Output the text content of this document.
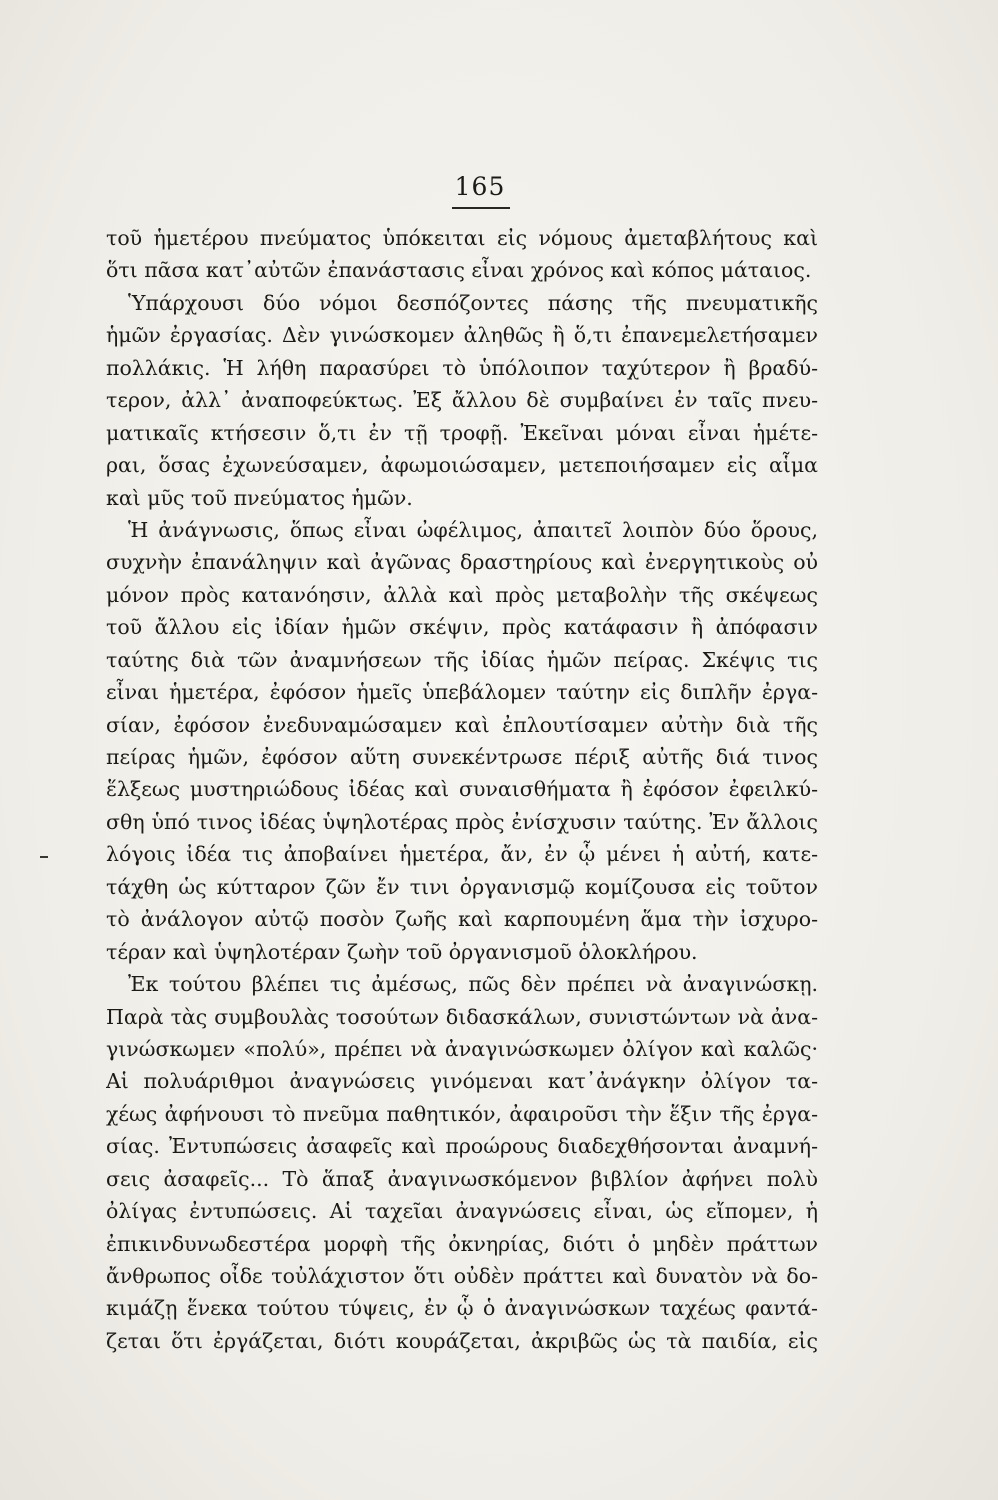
165
τοῦ ἡμετέρου πνεύματος ὑπόκειται εἰς νόμους ἀμεταβλήτους καὶ
ὅτι πᾶσα κατ᾽αὐτῶν ἐπανάστασις εἶναι χρόνος καὶ κόπος μάταιος.
Ὑπάρχουσι δύο νόμοι δεσπόζοντες πάσης τῆς πνευματικῆς
ἡμῶν ἐργασίας. Δὲν γινώσκομεν ἀληθῶς ἢ ὅ,τι ἐπανεμελετήσαμεν
πολλάκις. Ἡ λήθη παρασύρει τὸ ὑπόλοιπον ταχύτερον ἢ βραδύ-
τερον, ἀλλ᾽ ἀναποφεύκτως. Ἐξ ἄλλου δὲ συμβαίνει ἐν ταῖς πνευ-
ματικαῖς κτήσεσιν ὅ,τι ἐν τῇ τροφῇ. Ἐκεῖναι μόναι εἶναι ἡμέτε-
ραι, ὅσας ἐχωνεύσαμεν, ἀφωμοιώσαμεν, μετεποιήσαμεν εἰς αἷμα
καὶ μῦς τοῦ πνεύματος ἡμῶν.
Ἡ ἀνάγνωσις, ὅπως εἶναι ὠφέλιμος, ἀπαιτεῖ λοιπὸν δύο ὅρους,
συχνὴν ἐπανάληψιν καὶ ἀγῶνας δραστηρίους καὶ ἐνεργητικοὺς οὐ
μόνον πρὸς κατανόησιν, ἀλλὰ καὶ πρὸς μεταβολὴν τῆς σκέψεως
τοῦ ἄλλου εἰς ἰδίαν ἡμῶν σκέψιν, πρὸς κατάφασιν ἢ ἀπόφασιν
ταύτης διὰ τῶν ἀναμνήσεων τῆς ἰδίας ἡμῶν πείρας. Σκέψις τις
εἶναι ἡμετέρα, ἐφόσον ἡμεῖς ὑπεβάλομεν ταύτην εἰς διπλῆν ἐργα-
σίαν, ἐφόσον ἐνεδυναμώσαμεν καὶ ἐπλουτίσαμεν αὐτὴν διὰ τῆς
πείρας ἡμῶν, ἐφόσον αὕτη συνεκέντρωσε πέριξ αὐτῆς διά τινος
ἕλξεως μυστηριώδους ἰδέας καὶ συναισθήματα ἢ ἐφόσον ἐφειλκύ-
σθη ὑπό τινος ἰδέας ὑψηλοτέρας πρὸς ἐνίσχυσιν ταύτης. Ἐν ἄλλοις
λόγοις ἰδέα τις ἀποβαίνει ἡμετέρα, ἄν, ἐν ᾧ μένει ἡ αὐτή, κατε-
τάχθη ὡς κύτταρον ζῶν ἔν τινι ὀργανισμῷ κομίζουσα εἰς τοῦτον
τὸ ἀνάλογον αὐτῷ ποσὸν ζωῆς καὶ καρπουμένη ἅμα τὴν ἰσχυρο-
τέραν καὶ ὑψηλοτέραν ζωὴν τοῦ ὀργανισμοῦ ὁλοκλήρου.
Ἐκ τούτου βλέπει τις ἀμέσως, πῶς δὲν πρέπει νὰ ἀναγινώσκῃ.
Παρὰ τὰς συμβουλὰς τοσούτων διδασκάλων, συνιστώντων νὰ ἀνα-
γινώσκωμεν «πολύ», πρέπει νὰ ἀναγινώσκωμεν ὀλίγον καὶ καλῶς·
Αἱ πολυάριθμοι ἀναγνώσεις γινόμεναι κατ᾽ἀνάγκην ὀλίγον τα-
χέως ἀφήνουσι τὸ πνεῦμα παθητικόν, ἀφαιροῦσι τὴν ἕξιν τῆς ἐργα-
σίας. Ἐντυπώσεις ἀσαφεῖς καὶ προώρους διαδεχθήσονται ἀναμνή-
σεις ἀσαφεῖς... Τὸ ἅπαξ ἀναγινωσκόμενον βιβλίον ἀφήνει πολὺ
ὀλίγας ἐντυπώσεις. Αἱ ταχεῖαι ἀναγνώσεις εἶναι, ὡς εἴπομεν, ἡ
ἐπικινδυνωδεστέρα μορφὴ τῆς ὀκνηρίας, διότι ὁ μηδὲν πράττων
ἄνθρωπος οἶδε τοὐλάχιστον ὅτι οὐδὲν πράττει καὶ δυνατὸν νὰ δο-
κιμάζῃ ἕνεκα τούτου τύψεις, ἐν ᾧ ὁ ἀναγινώσκων ταχέως φαντά-
ζεται ὅτι ἐργάζεται, διότι κουράζεται, ἀκριβῶς ὡς τὰ παιδία, εἰς
